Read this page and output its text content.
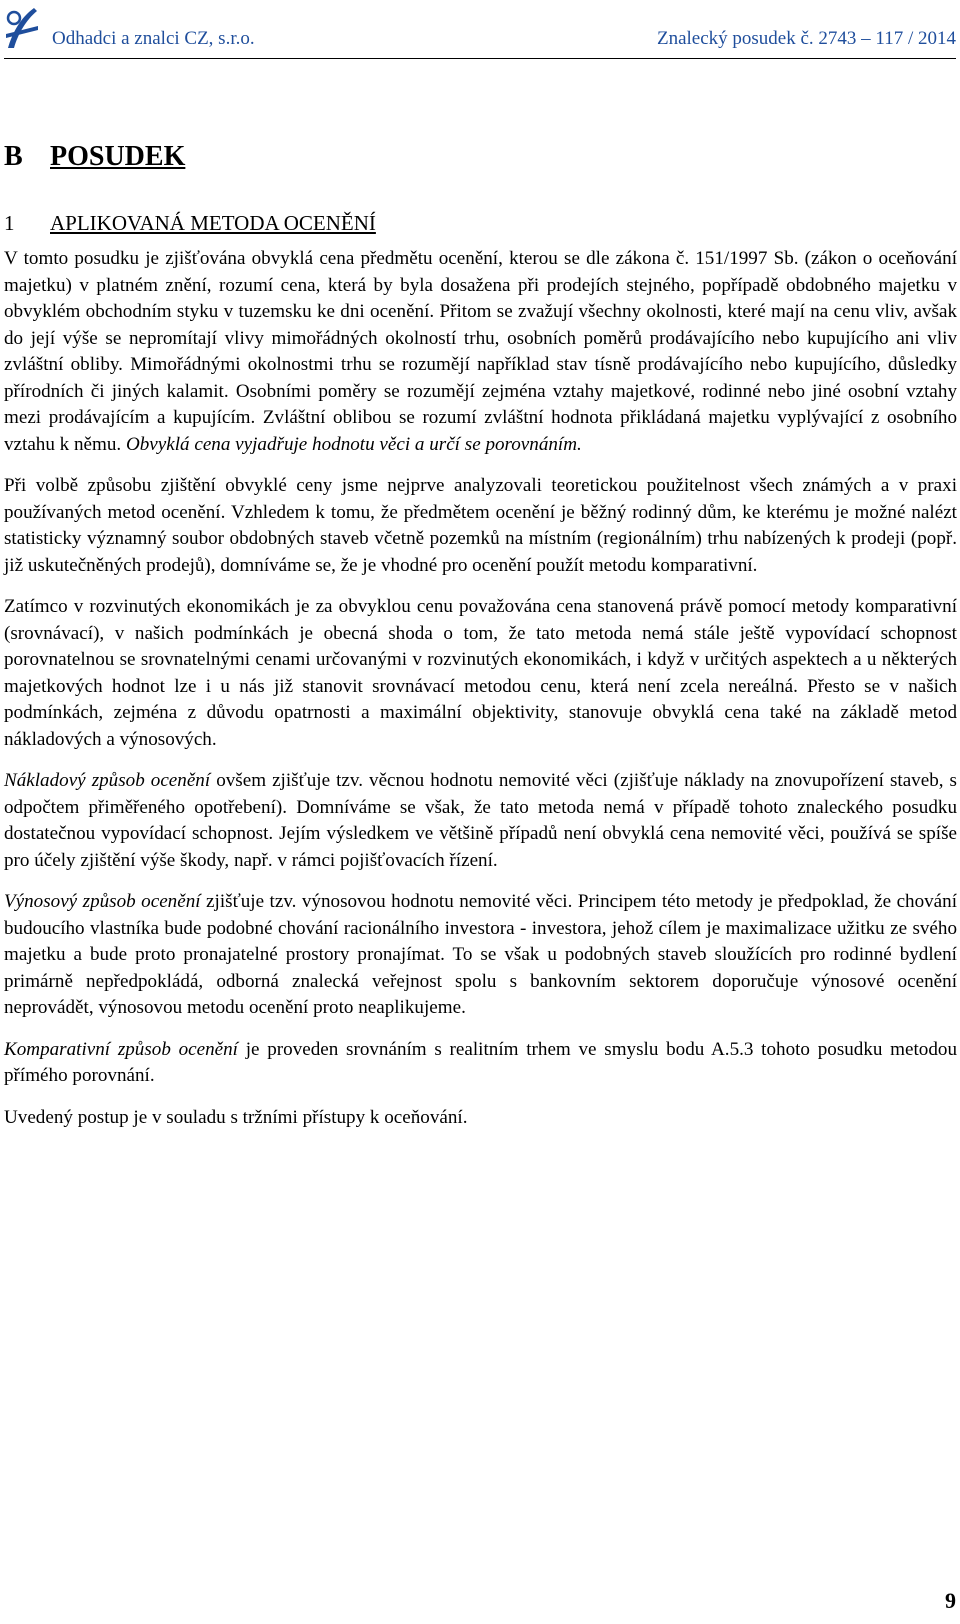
Odhadci a znalci CZ, s.r.o.	Znalecký posudek č. 2743 – 117 / 2014
B POSUDEK
1 APLIKOVANÁ METODA OCENĚNÍ

V tomto posudku je zjišťována obvyklá cena předmětu ocenění, kterou se dle zákona č. 151/1997 Sb. (zákon o oceňování majetku) v platném znění, rozumí cena, která by byla dosažena při prodejích stejného, popřípadě obdobného majetku v obvyklém obchodním styku v tuzemsku ke dni ocenění. Přitom se zvažují všechny okolnosti, které mají na cenu vliv, avšak do její výše se nepromítají vlivy mimořádných okolností trhu, osobních poměrů prodávajícího nebo kupujícího ani vliv zvláštní obliby. Mimořádnými okolnostmi trhu se rozumějí například stav tísně prodávajícího nebo kupujícího, důsledky přírodních či jiných kalamit. Osobními poměry se rozumějí zejména vztahy majetkové, rodinné nebo jiné osobní vztahy mezi prodávajícím a kupujícím. Zvláštní oblibou se rozumí zvláštní hodnota přikládaná majetku vyplývající z osobního vztahu k němu. Obvyklá cena vyjadřuje hodnotu věci a určí se porovnáním.

Při volbě způsobu zjištění obvyklé ceny jsme nejprve analyzovali teoretickou použitelnost všech známých a v praxi používaných metod ocenění. Vzhledem k tomu, že předmětem ocenění je běžný rodinný dům, ke kterému je možné nalézt statisticky významný soubor obdobných staveb včetně pozemků na místním (regionálním) trhu nabízených k prodeji (popř. již uskutečněných prodejů), domníváme se, že je vhodné pro ocenění použít metodu komparativní.

Zatímco v rozvinutých ekonomikách je za obvyklou cenu považována cena stanovená právě pomocí metody komparativní (srovnávací), v našich podmínkách je obecná shoda o tom, že tato metoda nemá stále ještě vypovídací schopnost porovnatelnou se srovnatelnými cenami určovanými v rozvinutých ekonomikách, i když v určitých aspektech a u některých majetkových hodnot lze i u nás již stanovit srovnávací metodou cenu, která není zcela nereálná. Přesto se v našich podmínkách, zejména z důvodu opatrnosti a maximální objektivity, stanovuje obvyklá cena také na základě metod nákladových a výnosových.

Nákladový způsob ocenění ovšem zjišťuje tzv. věcnou hodnotu nemovité věci (zjišťuje náklady na znovupořízení staveb, s odpočtem přiměřeného opotřebení). Domníváme se však, že tato metoda nemá v případě tohoto znaleckého posudku dostatečnou vypovídací schopnost. Jejím výsledkem ve většině případů není obvyklá cena nemovité věci, používá se spíše pro účely zjištění výše škody, např. v rámci pojišťovacích řízení.

Výnosový způsob ocenění zjišťuje tzv. výnosovou hodnotu nemovité věci. Principem této metody je předpoklad, že chování budoucího vlastníka bude podobné chování racionálního investora - investora, jehož cílem je maximalizace užitku ze svého majetku a bude proto pronajatelné prostory pronajímat. To se však u podobných staveb sloužících pro rodinné bydlení primárně nepředpokládá, odborná znalecká veřejnost spolu s bankovním sektorem doporučuje výnosové ocenění neprovádět, výnosovou metodu ocenění proto neaplikujeme.

Komparativní způsob ocenění je proveden srovnáním s realitním trhem ve smyslu bodu A.5.3 tohoto posudku metodou přímého porovnání.

Uvedený postup je v souladu s tržními přístupy k oceňování.

9
